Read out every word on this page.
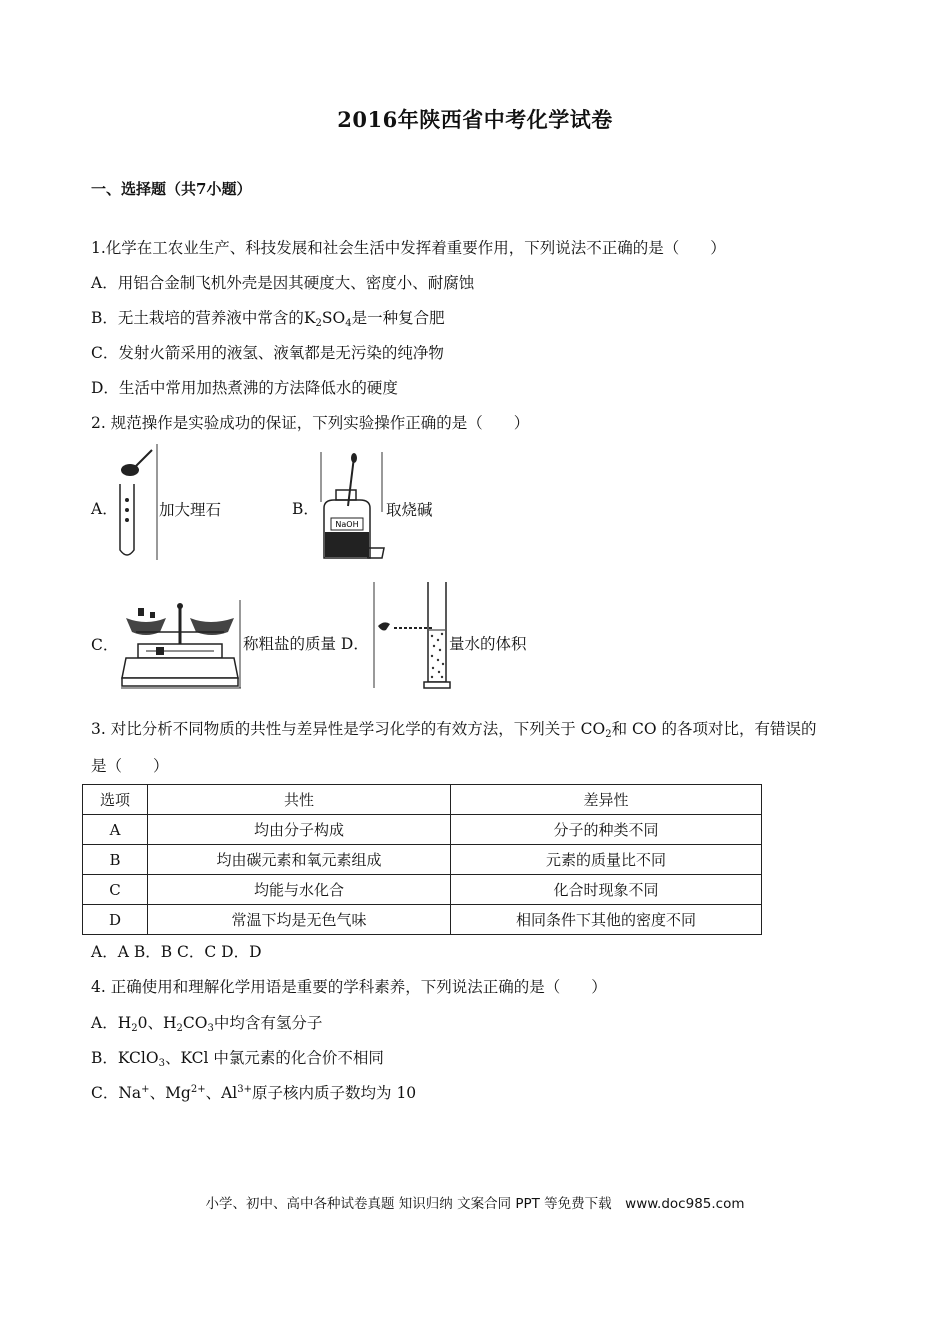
2016年陕西省中考化学试卷
一、选择题（共7小题）
1.化学在工农业生产、科技发展和社会生活中发挥着重要作用，下列说法不正确的是（　　）
A．用铝合金制飞机外壳是因其硬度大、密度小、耐腐蚀
B．无土栽培的营养液中常含的$K_2SO_4$是一种复合肥
C．发射火箭采用的液氢、液氧都是无污染的纯净物
D．生活中常用加热煮沸的方法降低水的硬度
2. 规范操作是实验成功的保证，下列实验操作正确的是（　　）
A．	加大理石	B．
NaOH
取烧碱
C．	称粗盐的质量 D．	量水的体积
3. 对比分析不同物质的共性与差异性是学习化学的有效方法，下列关于 $CO_2$和 CO 的各项对比，有错误的
是（　　）
选项	共性	差异性
A	均由分子构成	分子的种类不同
B	均由碳元素和氧元素组成	元素的质量比不同
C	均能与水化合	化合时现象不同
D	常温下均是无色气味	相同条件下其他的密度不同
A．A B．B C．C D．D
4. 正确使用和理解化学用语是重要的学科素养，下列说法正确的是（　　）
A．$H_20$、$H_2CO_3$中均含有氢分子
B．KClO$_3$、KCl 中氯元素的化合价不相同
C．Na+、$Mg^{2+}$、$Al^{3+}$原子核内质子数均为 10
小学、初中、高中各种试卷真题 知识归纳 文案合同 PPT 等免费下载　www.doc985.com
